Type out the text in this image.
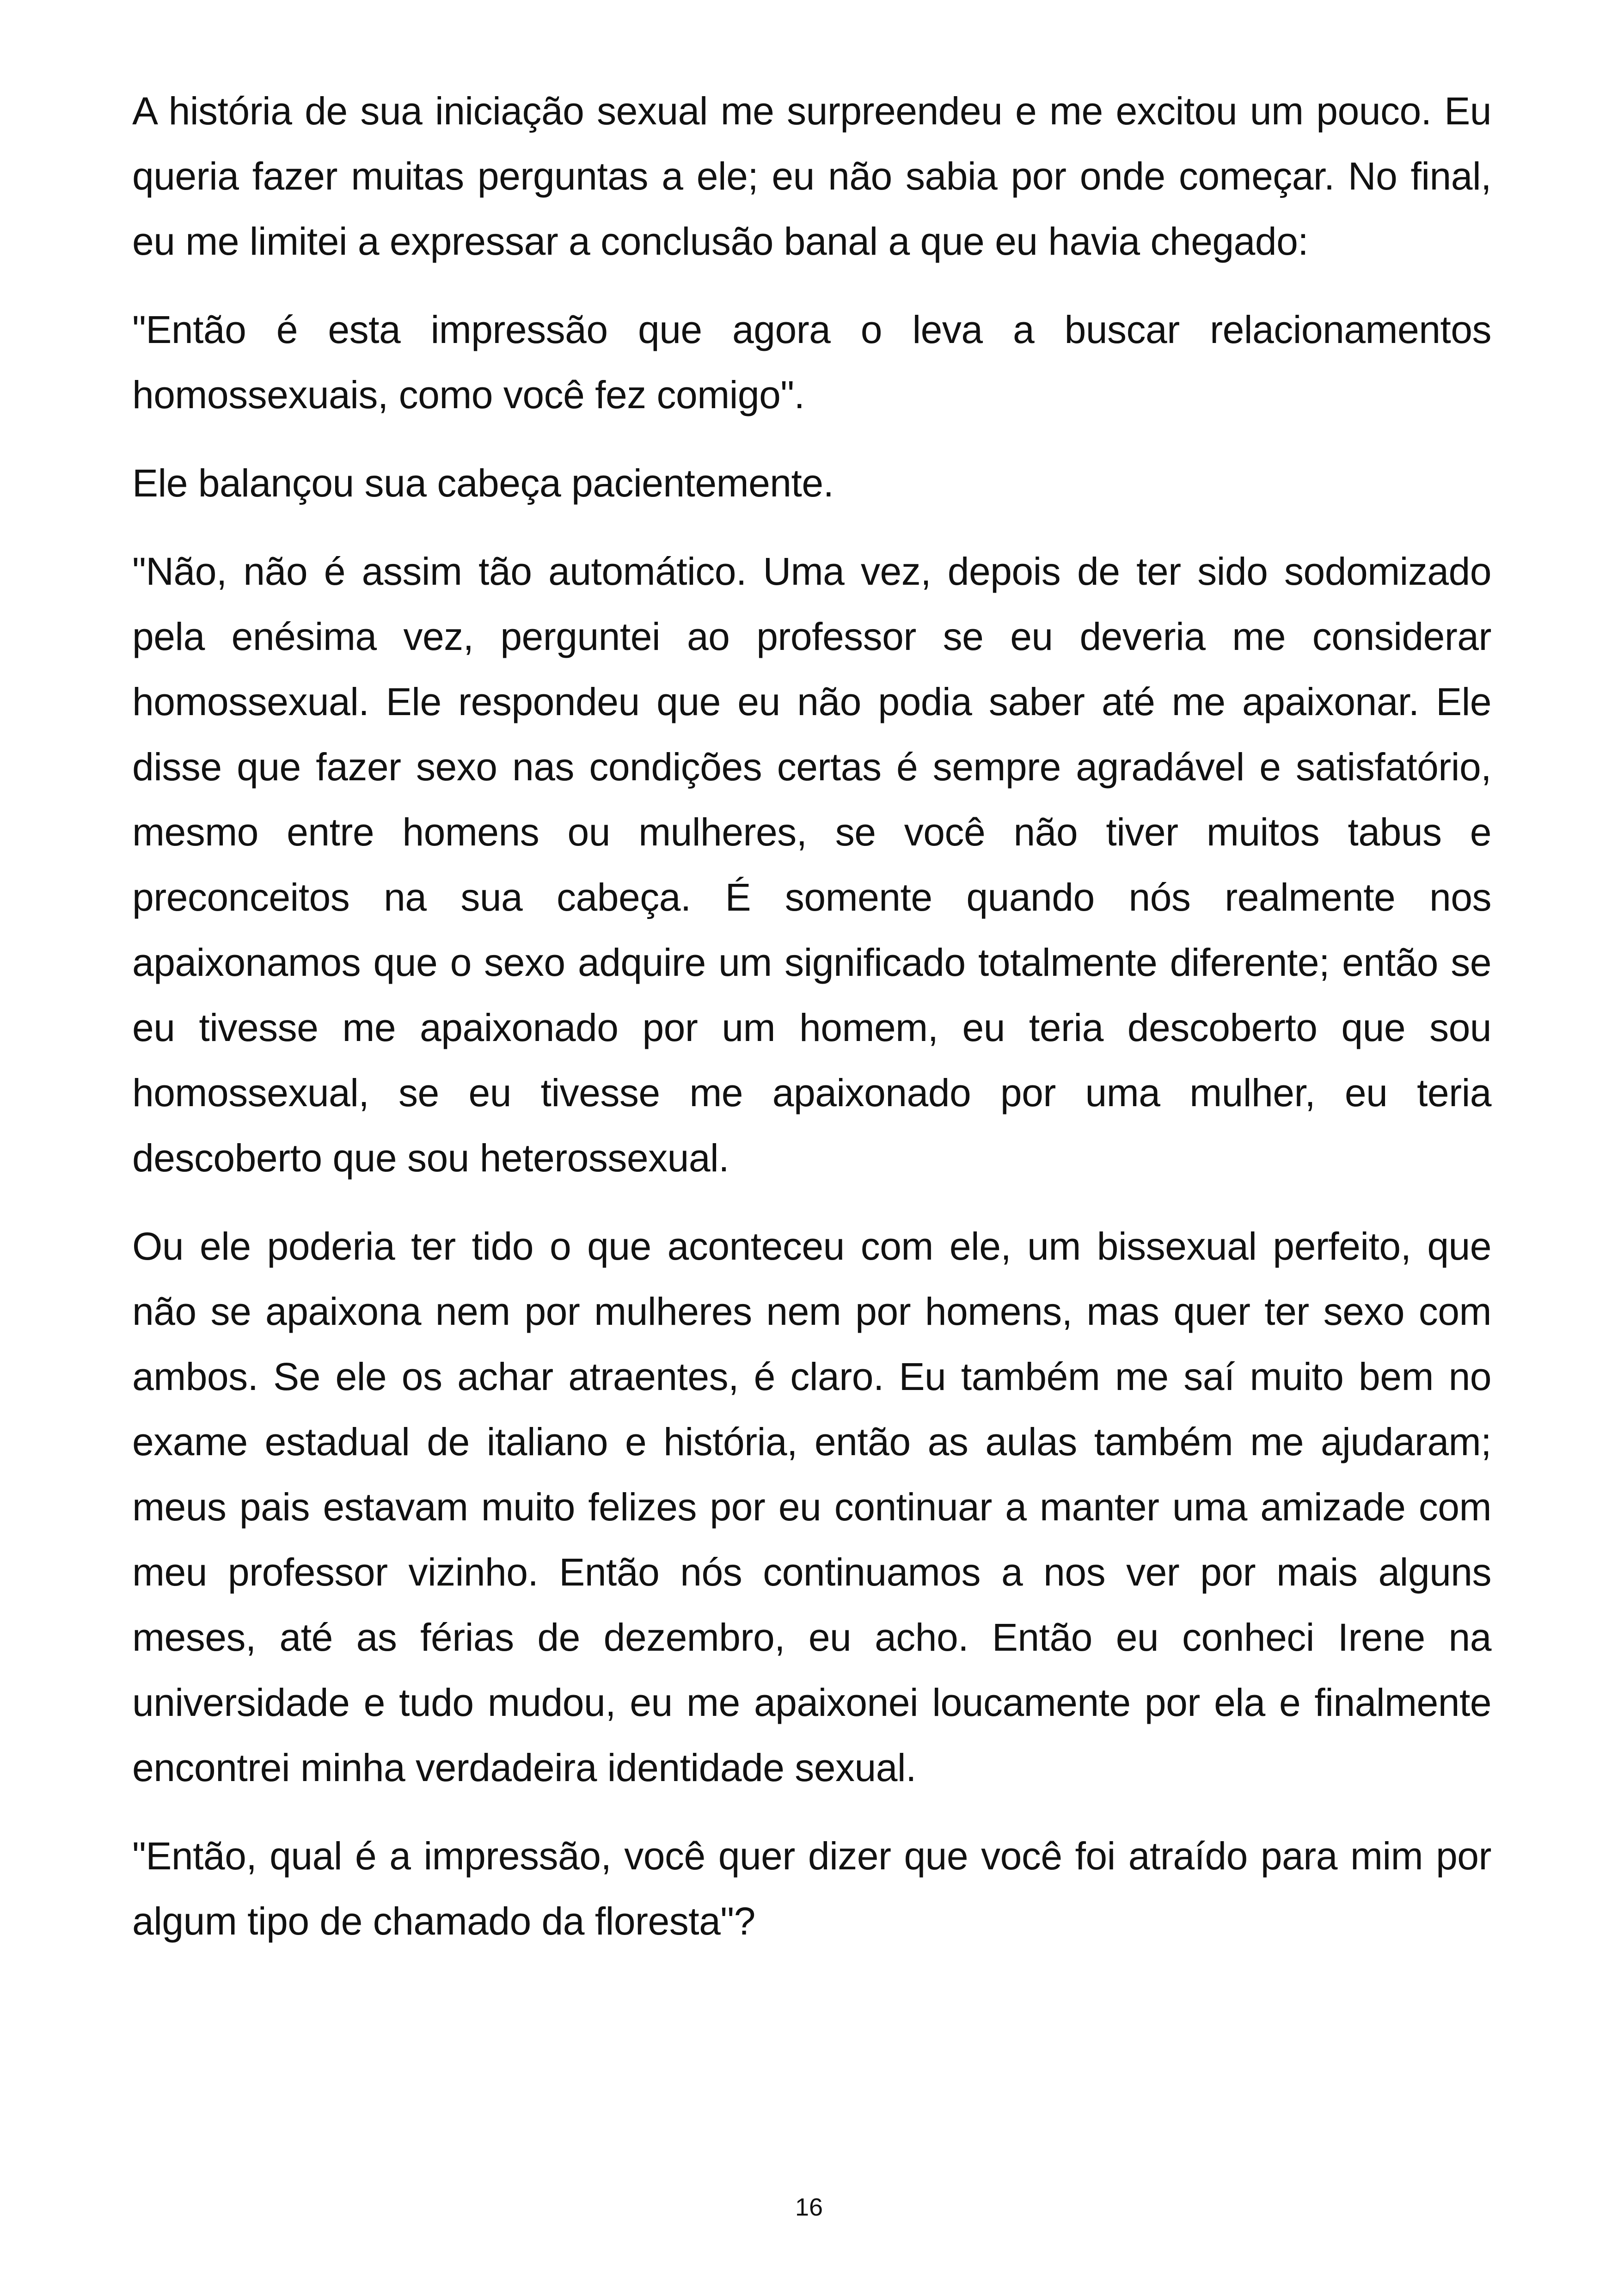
A história de sua iniciação sexual me surpreendeu e me excitou um pouco. Eu queria fazer muitas perguntas a ele; eu não sabia por onde começar. No final, eu me limitei a expressar a conclusão banal a que eu havia chegado:

"Então é esta impressão que agora o leva a buscar relacionamentos homossexuais, como você fez comigo".

Ele balançou sua cabeça pacientemente.

"Não, não é assim tão automático. Uma vez, depois de ter sido sodomizado pela enésima vez, perguntei ao professor se eu deveria me considerar homossexual. Ele respondeu que eu não podia saber até me apaixonar. Ele disse que fazer sexo nas condições certas é sempre agradável e satisfatório, mesmo entre homens ou mulheres, se você não tiver muitos tabus e preconceitos na sua cabeça. É somente quando nós realmente nos apaixonamos que o sexo adquire um significado totalmente diferente; então se eu tivesse me apaixonado por um homem, eu teria descoberto que sou homossexual, se eu tivesse me apaixonado por uma mulher, eu teria descoberto que sou heterossexual.

Ou ele poderia ter tido o que aconteceu com ele, um bissexual perfeito, que não se apaixona nem por mulheres nem por homens, mas quer ter sexo com ambos. Se ele os achar atraentes, é claro. Eu também me saí muito bem no exame estadual de italiano e história, então as aulas também me ajudaram; meus pais estavam muito felizes por eu continuar a manter uma amizade com meu professor vizinho. Então nós continuamos a nos ver por mais alguns meses, até as férias de dezembro, eu acho. Então eu conheci Irene na universidade e tudo mudou, eu me apaixonei loucamente por ela e finalmente encontrei minha verdadeira identidade sexual.

"Então, qual é a impressão, você quer dizer que você foi atraído para mim por algum tipo de chamado da floresta"?

16
